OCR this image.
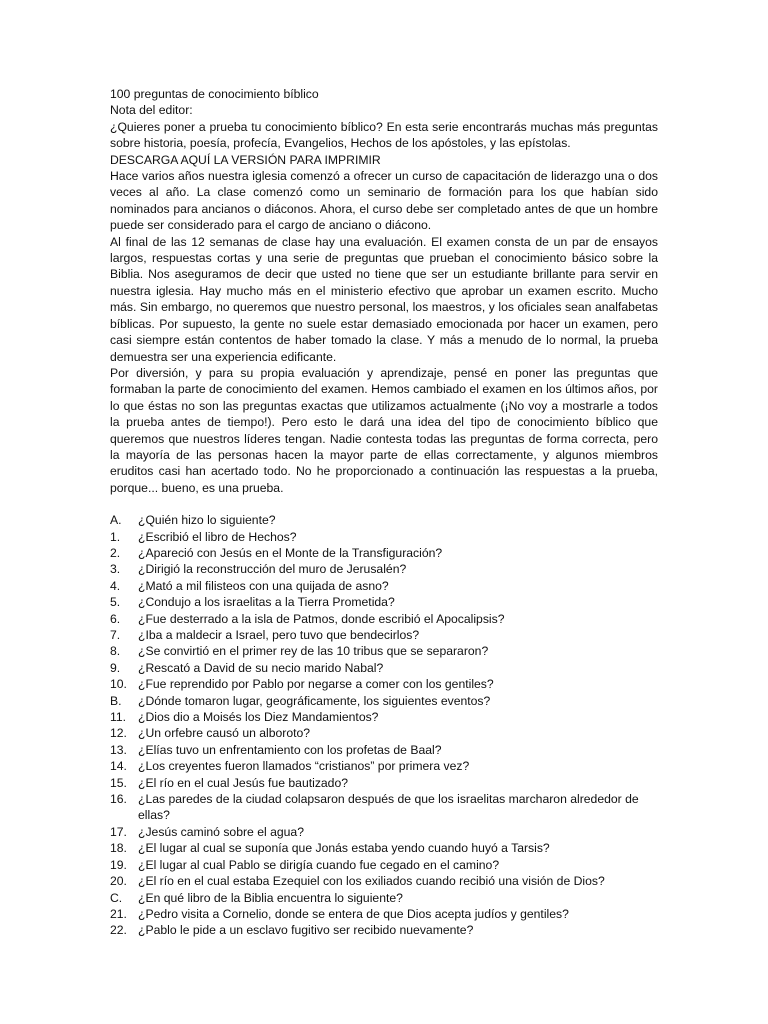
100 preguntas de conocimiento bíblico

Nota del editor:

¿Quieres poner a prueba tu conocimiento bíblico? En esta serie encontrarás muchas más preguntas sobre historia, poesía, profecía, Evangelios, Hechos de los apóstoles, y las epístolas.

DESCARGA AQUÍ LA VERSIÓN PARA IMPRIMIR

Hace varios años nuestra iglesia comenzó a ofrecer un curso de capacitación de liderazgo una o dos veces al año. La clase comenzó como un seminario de formación para los que habían sido nominados para ancianos o diáconos. Ahora, el curso debe ser completado antes de que un hombre puede ser considerado para el cargo de anciano o diácono.

Al final de las 12 semanas de clase hay una evaluación. El examen consta de un par de ensayos largos, respuestas cortas y una serie de preguntas que prueban el conocimiento básico sobre la Biblia. Nos aseguramos de decir que usted no tiene que ser un estudiante brillante para servir en nuestra iglesia. Hay mucho más en el ministerio efectivo que aprobar un examen escrito. Mucho más. Sin embargo, no queremos que nuestro personal, los maestros, y los oficiales sean analfabetas bíblicas. Por supuesto, la gente no suele estar demasiado emocionada por hacer un examen, pero casi siempre están contentos de haber tomado la clase. Y más a menudo de lo normal, la prueba demuestra ser una experiencia edificante.

Por diversión, y para su propia evaluación y aprendizaje, pensé en poner las preguntas que formaban la parte de conocimiento del examen. Hemos cambiado el examen en los últimos años, por lo que éstas no son las preguntas exactas que utilizamos actualmente (¡No voy a mostrarle a todos la prueba antes de tiempo!). Pero esto le dará una idea del tipo de conocimiento bíblico que queremos que nuestros líderes tengan. Nadie contesta todas las preguntas de forma correcta, pero la mayoría de las personas hacen la mayor parte de ellas correctamente, y algunos miembros eruditos casi han acertado todo. No he proporcionado a continuación las respuestas a la prueba, porque... bueno, es una prueba.

A.	¿Quién hizo lo siguiente?

1.	¿Escribió el libro de Hechos?

2.	¿Apareció con Jesús en el Monte de la Transfiguración?

3.	¿Dirigió la reconstrucción del muro de Jerusalén?

4.	¿Mató a mil filisteos con una quijada de asno?

5.	¿Condujo a los israelitas a la Tierra Prometida?

6.	¿Fue desterrado a la isla de Patmos, donde escribió el Apocalipsis?

7.	¿Iba a maldecir a Israel, pero tuvo que bendecirlos?

8.	¿Se convirtió en el primer rey de las 10 tribus que se separaron?

9.	¿Rescató a David de su necio marido Nabal?

10. ¿Fue reprendido por Pablo por negarse a comer con los gentiles?

B.	¿Dónde tomaron lugar, geográficamente, los siguientes eventos?

11. ¿Dios dio a Moisés los Diez Mandamientos?

12. ¿Un orfebre causó un alboroto?

13. ¿Elías tuvo un enfrentamiento con los profetas de Baal?

14. ¿Los creyentes fueron llamados “cristianos” por primera vez?

15. ¿El río en el cual Jesús fue bautizado?

16. ¿Las paredes de la ciudad colapsaron después de que los israelitas marcharon alrededor de ellas?

17. ¿Jesús caminó sobre el agua?

18. ¿El lugar al cual se suponía que Jonás estaba yendo cuando huyó a Tarsis?

19. ¿El lugar al cual Pablo se dirigía cuando fue cegado en el camino?

20. ¿El río en el cual estaba Ezequiel con los exiliados cuando recibió una visión de Dios?

C.	¿En qué libro de la Biblia encuentra lo siguiente?

21. ¿Pedro visita a Cornelio, donde se entera de que Dios acepta judíos y gentiles?

22. ¿Pablo le pide a un esclavo fugitivo ser recibido nuevamente?
